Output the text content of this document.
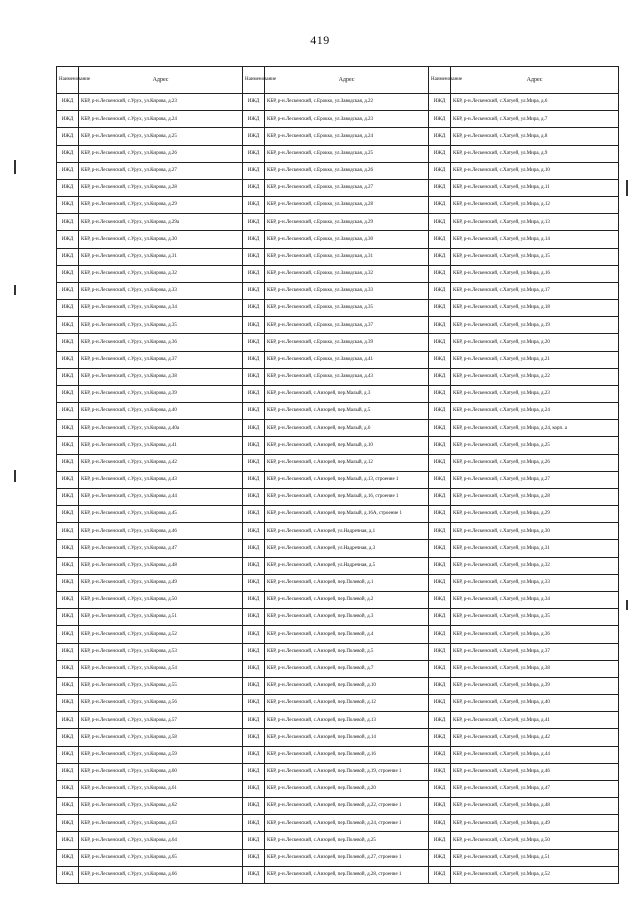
419
Наименование	Адрес	Наименование	Адрес	Наименование	Адрес
ИЖД	КБР, р-н.Лескенский, с.Урух, ул.Кирова, д.23	ИЖД	КБР, р-н.Лескенский, с.Ерокко, ул.Заводская, д.22	ИЖД	КБР, р-н.Лескенский, с.Хатуей, ул.Мира, д.6
ИЖД	КБР, р-н.Лескенский, с.Урух, ул.Кирова, д.24	ИЖД	КБР, р-н.Лескенский, с.Ерокко, ул.Заводская, д.23	ИЖД	КБР, р-н.Лескенский, с.Хатуей, ул.Мира, д.7
ИЖД	КБР, р-н.Лескенский, с.Урух, ул.Кирова, д.25	ИЖД	КБР, р-н.Лескенский, с.Ерокко, ул.Заводская, д.24	ИЖД	КБР, р-н.Лескенский, с.Хатуей, ул.Мира, д.8
ИЖД	КБР, р-н.Лескенский, с.Урух, ул.Кирова, д.26	ИЖД	КБР, р-н.Лескенский, с.Ерокко, ул.Заводская, д.25	ИЖД	КБР, р-н.Лескенский, с.Хатуей, ул.Мира, д.9
ИЖД	КБР, р-н.Лескенский, с.Урух, ул.Кирова, д.27	ИЖД	КБР, р-н.Лескенский, с.Ерокко, ул.Заводская, д.26	ИЖД	КБР, р-н.Лескенский, с.Хатуей, ул.Мира, д.10
ИЖД	КБР, р-н.Лескенский, с.Урух, ул.Кирова, д.28	ИЖД	КБР, р-н.Лескенский, с.Ерокко, ул.Заводская, д.27	ИЖД	КБР, р-н.Лескенский, с.Хатуей, ул.Мира, д.11
ИЖД	КБР, р-н.Лескенский, с.Урух, ул.Кирова, д.29	ИЖД	КБР, р-н.Лескенский, с.Ерокко, ул.Заводская, д.28	ИЖД	КБР, р-н.Лескенский, с.Хатуей, ул.Мира, д.12
ИЖД	КБР, р-н.Лескенский, с.Урух, ул.Кирова, д.29а	ИЖД	КБР, р-н.Лескенский, с.Ерокко, ул.Заводская, д.29	ИЖД	КБР, р-н.Лескенский, с.Хатуей, ул.Мира, д.13
ИЖД	КБР, р-н.Лескенский, с.Урух, ул.Кирова, д.30	ИЖД	КБР, р-н.Лескенский, с.Ерокко, ул.Заводская, д.30	ИЖД	КБР, р-н.Лескенский, с.Хатуей, ул.Мира, д.14
ИЖД	КБР, р-н.Лескенский, с.Урух, ул.Кирова, д.31	ИЖД	КБР, р-н.Лескенский, с.Ерокко, ул.Заводская, д.31	ИЖД	КБР, р-н.Лескенский, с.Хатуей, ул.Мира, д.15
ИЖД	КБР, р-н.Лескенский, с.Урух, ул.Кирова, д.32	ИЖД	КБР, р-н.Лескенский, с.Ерокко, ул.Заводская, д.32	ИЖД	КБР, р-н.Лескенский, с.Хатуей, ул.Мира, д.16
ИЖД	КБР, р-н.Лескенский, с.Урух, ул.Кирова, д.33	ИЖД	КБР, р-н.Лескенский, с.Ерокко, ул.Заводская, д.33	ИЖД	КБР, р-н.Лескенский, с.Хатуей, ул.Мира, д.17
ИЖД	КБР, р-н.Лескенский, с.Урух, ул.Кирова, д.34	ИЖД	КБР, р-н.Лескенский, с.Ерокко, ул.Заводская, д.35	ИЖД	КБР, р-н.Лескенский, с.Хатуей, ул.Мира, д.18
ИЖД	КБР, р-н.Лескенский, с.Урух, ул.Кирова, д.35	ИЖД	КБР, р-н.Лескенский, с.Ерокко, ул.Заводская, д.37	ИЖД	КБР, р-н.Лескенский, с.Хатуей, ул.Мира, д.19
ИЖД	КБР, р-н.Лескенский, с.Урух, ул.Кирова, д.36	ИЖД	КБР, р-н.Лескенский, с.Ерокко, ул.Заводская, д.39	ИЖД	КБР, р-н.Лескенский, с.Хатуей, ул.Мира, д.20
ИЖД	КБР, р-н.Лескенский, с.Урух, ул.Кирова, д.37	ИЖД	КБР, р-н.Лескенский, с.Ерокко, ул.Заводская, д.41	ИЖД	КБР, р-н.Лескенский, с.Хатуей, ул.Мира, д.21
ИЖД	КБР, р-н.Лескенский, с.Урух, ул.Кирова, д.38	ИЖД	КБР, р-н.Лескенский, с.Ерокко, ул.Заводская, д.43	ИЖД	КБР, р-н.Лескенский, с.Хатуей, ул.Мира, д.22
ИЖД	КБР, р-н.Лескенский, с.Урух, ул.Кирова, д.39	ИЖД	КБР, р-н.Лескенский, с.Аизорей, пер.Малый, д.3	ИЖД	КБР, р-н.Лескенский, с.Хатуей, ул.Мира, д.23
ИЖД	КБР, р-н.Лескенский, с.Урух, ул.Кирова, д.40	ИЖД	КБР, р-н.Лескенский, с.Аизорей, пер.Малый, д.5	ИЖД	КБР, р-н.Лескенский, с.Хатуей, ул.Мира, д.24
ИЖД	КБР, р-н.Лескенский, с.Урух, ул.Кирова, д.40а	ИЖД	КБР, р-н.Лескенский, с.Аизорей, пер.Малый, д.6	ИЖД	КБР, р-н.Лескенский, с.Хатуей, ул.Мира, д.24, корп. а
ИЖД	КБР, р-н.Лескенский, с.Урух, ул.Кирова, д.41	ИЖД	КБР, р-н.Лескенский, с.Аизорей, пер.Малый, д.10	ИЖД	КБР, р-н.Лескенский, с.Хатуей, ул.Мира, д.25
ИЖД	КБР, р-н.Лескенский, с.Урух, ул.Кирова, д.42	ИЖД	КБР, р-н.Лескенский, с.Аизорей, пер.Малый, д.12	ИЖД	КБР, р-н.Лескенский, с.Хатуей, ул.Мира, д.26
ИЖД	КБР, р-н.Лескенский, с.Урух, ул.Кирова, д.43	ИЖД	КБР, р-н.Лескенский, с.Аизорей, пер.Малый, д.13, строение 1	ИЖД	КБР, р-н.Лескенский, с.Хатуей, ул.Мира, д.27
ИЖД	КБР, р-н.Лескенский, с.Урух, ул.Кирова, д.44	ИЖД	КБР, р-н.Лескенский, с.Аизорей, пер.Малый, д.16, строение 1	ИЖД	КБР, р-н.Лескенский, с.Хатуей, ул.Мира, д.28
ИЖД	КБР, р-н.Лескенский, с.Урух, ул.Кирова, д.45	ИЖД	КБР, р-н.Лескенский, с.Аизорей, пер.Малый, д.16А, строение 1	ИЖД	КБР, р-н.Лескенский, с.Хатуей, ул.Мира, д.29
ИЖД	КБР, р-н.Лескенский, с.Урух, ул.Кирова, д.46	ИЖД	КБР, р-н.Лескенский, с.Аизорей, ул.Надречная, д.1	ИЖД	КБР, р-н.Лескенский, с.Хатуей, ул.Мира, д.30
ИЖД	КБР, р-н.Лескенский, с.Урух, ул.Кирова, д.47	ИЖД	КБР, р-н.Лескенский, с.Аизорей, ул.Надречная, д.3	ИЖД	КБР, р-н.Лескенский, с.Хатуей, ул.Мира, д.31
ИЖД	КБР, р-н.Лескенский, с.Урух, ул.Кирова, д.48	ИЖД	КБР, р-н.Лескенский, с.Аизорей, ул.Надречная, д.5	ИЖД	КБР, р-н.Лескенский, с.Хатуей, ул.Мира, д.32
ИЖД	КБР, р-н.Лескенский, с.Урух, ул.Кирова, д.49	ИЖД	КБР, р-н.Лескенский, с.Аизорей, пер.Полевой, д.1	ИЖД	КБР, р-н.Лескенский, с.Хатуей, ул.Мира, д.33
ИЖД	КБР, р-н.Лескенский, с.Урух, ул.Кирова, д.50	ИЖД	КБР, р-н.Лескенский, с.Аизорей, пер.Полевой, д.2	ИЖД	КБР, р-н.Лескенский, с.Хатуей, ул.Мира, д.34
ИЖД	КБР, р-н.Лескенский, с.Урух, ул.Кирова, д.51	ИЖД	КБР, р-н.Лескенский, с.Аизорей, пер.Полевой, д.3	ИЖД	КБР, р-н.Лескенский, с.Хатуей, ул.Мира, д.35
ИЖД	КБР, р-н.Лескенский, с.Урух, ул.Кирова, д.52	ИЖД	КБР, р-н.Лескенский, с.Аизорей, пер.Полевой, д.4	ИЖД	КБР, р-н.Лескенский, с.Хатуей, ул.Мира, д.36
ИЖД	КБР, р-н.Лескенский, с.Урух, ул.Кирова, д.53	ИЖД	КБР, р-н.Лескенский, с.Аизорей, пер.Полевой, д.5	ИЖД	КБР, р-н.Лескенский, с.Хатуей, ул.Мира, д.37
ИЖД	КБР, р-н.Лескенский, с.Урух, ул.Кирова, д.54	ИЖД	КБР, р-н.Лескенский, с.Аизорей, пер.Полевой, д.7	ИЖД	КБР, р-н.Лескенский, с.Хатуей, ул.Мира, д.38
ИЖД	КБР, р-н.Лескенский, с.Урух, ул.Кирова, д.55	ИЖД	КБР, р-н.Лескенский, с.Аизорей, пер.Полевой, д.10	ИЖД	КБР, р-н.Лескенский, с.Хатуей, ул.Мира, д.39
ИЖД	КБР, р-н.Лескенский, с.Урух, ул.Кирова, д.56	ИЖД	КБР, р-н.Лескенский, с.Аизорей, пер.Полевой, д.12	ИЖД	КБР, р-н.Лескенский, с.Хатуей, ул.Мира, д.40
ИЖД	КБР, р-н.Лескенский, с.Урух, ул.Кирова, д.57	ИЖД	КБР, р-н.Лескенский, с.Аизорей, пер.Полевой, д.13	ИЖД	КБР, р-н.Лескенский, с.Хатуей, ул.Мира, д.41
ИЖД	КБР, р-н.Лескенский, с.Урух, ул.Кирова, д.58	ИЖД	КБР, р-н.Лескенский, с.Аизорей, пер.Полевой, д.14	ИЖД	КБР, р-н.Лескенский, с.Хатуей, ул.Мира, д.42
ИЖД	КБР, р-н.Лескенский, с.Урух, ул.Кирова, д.59	ИЖД	КБР, р-н.Лескенский, с.Аизорей, пер.Полевой, д.16	ИЖД	КБР, р-н.Лескенский, с.Хатуей, ул.Мира, д.44
ИЖД	КБР, р-н.Лескенский, с.Урух, ул.Кирова, д.60	ИЖД	КБР, р-н.Лескенский, с.Аизорей, пер.Полевой, д.19, строение 1	ИЖД	КБР, р-н.Лескенский, с.Хатуей, ул.Мира, д.46
ИЖД	КБР, р-н.Лескенский, с.Урух, ул.Кирова, д.61	ИЖД	КБР, р-н.Лескенский, с.Аизорей, пер.Полевой, д.20	ИЖД	КБР, р-н.Лескенский, с.Хатуей, ул.Мира, д.47
ИЖД	КБР, р-н.Лескенский, с.Урух, ул.Кирова, д.62	ИЖД	КБР, р-н.Лескенский, с.Аизорей, пер.Полевой, д.22, строение 1	ИЖД	КБР, р-н.Лескенский, с.Хатуей, ул.Мира, д.48
ИЖД	КБР, р-н.Лескенский, с.Урух, ул.Кирова, д.63	ИЖД	КБР, р-н.Лескенский, с.Аизорей, пер.Полевой, д.24, строение 1	ИЖД	КБР, р-н.Лескенский, с.Хатуей, ул.Мира, д.49
ИЖД	КБР, р-н.Лескенский, с.Урух, ул.Кирова, д.64	ИЖД	КБР, р-н.Лескенский, с.Аизорей, пер.Полевой, д.25	ИЖД	КБР, р-н.Лескенский, с.Хатуей, ул.Мира, д.50
ИЖД	КБР, р-н.Лескенский, с.Урух, ул.Кирова, д.65	ИЖД	КБР, р-н.Лескенский, с.Аизорей, пер.Полевой, д.27, строение 1	ИЖД	КБР, р-н.Лескенский, с.Хатуей, ул.Мира, д.51
ИЖД	КБР, р-н.Лескенский, с.Урух, ул.Кирова, д.66	ИЖД	КБР, р-н.Лескенский, с.Аизорей, пер.Полевой, д.28, строение 1	ИЖД	КБР, р-н.Лескенский, с.Хатуей, ул.Мира, д.52
